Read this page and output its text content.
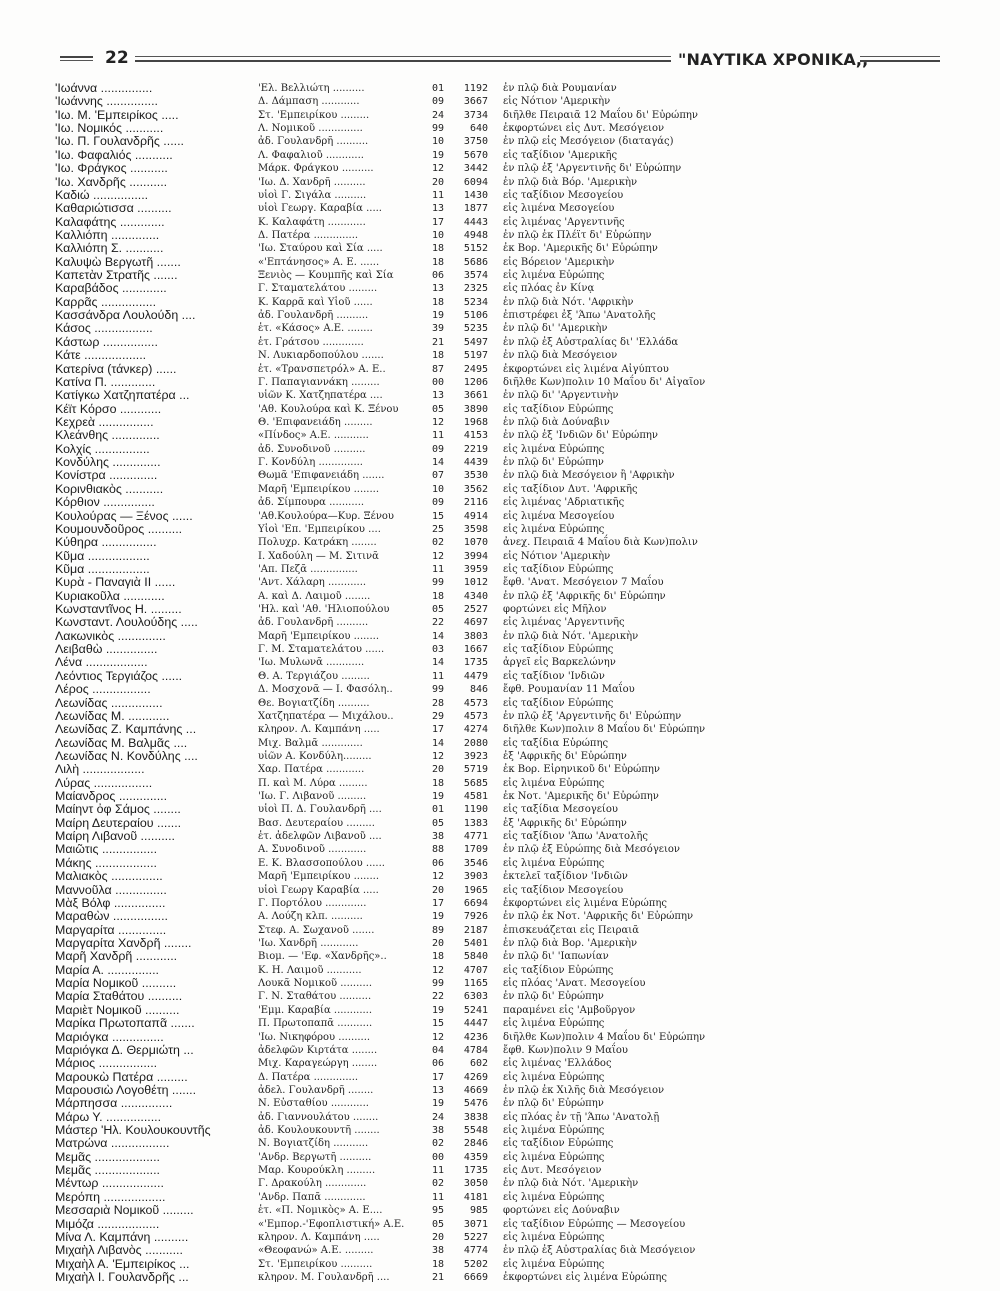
22	"ΝΑΥΤΙΚΑ ΧΡΟΝΙΚΑ,,
'Ιωάννα ...............	'Ελ. Βελλιώτη ..........	01	1192 ἐν πλῷ διὰ Ρουμανίαν
'Ιωάννης ...............	Δ. Δάμπαση ............	09	3667 εἰς Νότιον 'Αμερικὴν
'Ιω. Μ. 'Εμπειρίκος .....	Στ. 'Εμπειρίκου .........	24	3734 διῆλθε Πειραιᾶ 12 Μαΐου δι' Εὐρώπην
'Ιω. Νομικός ...........	Λ. Νομικοῦ ..............	99	640 ἐκφορτώνει εἰς Δυτ. Μεσόγειον
'Ιω. Π. Γουλανδρῆς ......	ἀδ. Γουλανδρῆ ..........	10	3750 ἐν πλῷ εἰς Μεσόγειον (διαταγάς)
'Ιω. Φαφαλιός ...........	Λ. Φαφαλιοῦ ............	19	5670 εἰς ταξίδιον 'Αμερικῆς
'Ιω. Φράγκος ...........	Μάρκ. Φράγκου ..........	12	3442 ἐν πλῷ ἐξ 'Αργεντινῆς δι' Εὐρώπην
'Ιω. Χανδρῆς ...........	'Ιω. Δ. Χανδρῆ ..........	20	6094 ἐν πλῷ διὰ Βόρ. 'Αμερικὴν
Καδιώ ................	υἱοὶ Γ. Σιγάλα ..........	11	1430 εἰς ταξίδιον Μεσογείου
Καθαριώτισσα ..........	υἱοὶ Γεωργ. Καραβία .....	13	1877 εἰς λιμένα Μεσογείου
Καλαφάτης .............	Κ. Καλαφάτη ............	17	4443 εἰς λιμένας 'Αργεντινῆς
Καλλιόπη ..............	Δ. Πατέρα ..............	10	4948 ἐν πλῷ ἐκ Πλέϊτ δι' Εὐρώπην
Καλλιόπη Σ. ...........	'Ιω. Σταύρου καὶ Σία .....	18	5152 ἐκ Βορ. 'Αμερικῆς δι' Εὐρώπην
Καλυψὼ Βεργωτῆ .......	«'Επτάνησος» Α. Ε. ......	18	5686 εἰς Βόρειον 'Αμερικὴν
Καπετὰν Στρατῆς .......	Ξενιὸς — Κουμπῆς καὶ Σία	06	3574 εἰς λιμένα Εὐρώπης
Καραβάδος .............	Γ. Σταματελάτου .........	13	2325 εἰς πλόας ἐν Κίνᾳ
Καρρᾶς ................	Κ. Καρρᾶ καὶ Υἱοῦ ......	18	5234 ἐν πλῷ διὰ Νότ. 'Αφρικὴν
Κασσάνδρα Λουλούδη ....	ἀδ. Γουλανδρῆ ..........	19	5106 ἐπιστρέφει ἐξ 'Άπω 'Ανατολῆς
Κάσος .................	ἑτ. «Κάσος» Α.Ε. ........	39	5235 ἐν πλῷ δι' 'Αμερικὴν
Κάστωρ ................	ἑτ. Γράτσου .............	21	5497 ἐν πλῷ ἐξ Αὐστραλίας δι' 'Ελλάδα
Κάτε ..................	Ν. Λυκιαρδοπούλου .......	18	5197 ἐν πλῷ διὰ Μεσόγειον
Κατερίνα (τάνκερ) ......	ἑτ. «Τρανσπετρόλ» Α. Ε..	87	2495 ἐκφορτώνει εἰς λιμένα Αἰγύπτου
Κατίνα Π. .............	Γ. Παπαγιαννάκη .........	00	1206 διῆλθε Κων)πολιν 10 Μαΐου δι' Αἰγαῖον
Κατίγκω Χατζηπατέρα ...	υἱῶν Κ. Χατζηπατέρα ....	13	3661 ἐν πλῷ δι' 'Αργεντινὴν
Κέϊτ Κόρσο ............	'Αθ. Κουλούρα καὶ Κ. Ξένου	05	3890 εἰς ταξίδιον Εὐρώπης
Κεχρεὰ ................	Θ. 'Επιφανειάδη .........	12	1968 ἐν πλῷ διὰ Δούναβιν
Κλεάνθης ..............	«Πίνδος» Α.Ε. ...........	11	4153 ἐν πλῷ ἐξ 'Ινδιῶν δι' Εὐρώπην
Κολχίς ................	ἀδ. Συνοδινοῦ ..........	09	2219 εἰς λιμένα Εὐρώπης
Κονδύλης ..............	Γ. Κονδύλη ..............	14	4439 ἐν πλῷ δι' Εὐρώπην
Κονίστρα ..............	Θωμᾶ 'Επιφανειάδη .......	07	3530 ἐν πλῷ διὰ Μεσόγειον ἢ 'Αφρικὴν
Κορινθιακὸς ...........	Μαρῆ 'Εμπειρίκου ........	10	3562 εἰς ταξίδιον Δυτ. 'Αφρικῆς
Κόρθιον ...............	ἀδ. Σίμπουρα ...........	09	2116 εἰς λιμένας 'Αδριατικῆς
Κουλούρας — Ξένος ......	'Αθ.Κουλούρα—Κυρ. Ξένου	15	4914 εἰς λιμένα Μεσογείου
Κουμουνδοῦρος ..........	Υἱοὶ 'Επ. 'Εμπειρίκου ....	25	3598 εἰς λιμένα Εὐρώπης
Κύθηρα ................	Πολυχρ. Κατράκη ........	02	1070 ἀνεχ. Πειραιᾶ 4 Μαΐου διὰ Κων)πολιν
Κῦμα ..................	Ι. Χαδούλη — Μ. Σιτινᾶ	12	3994 εἰς Νότιον 'Αμερικὴν
Κῦμα ..................	'Απ. Πεζᾶ ...............	11	3959 εἰς ταξίδιον Εὐρώπης
Κυρὰ - Παναγιὰ ΙΙ ......	'Αντ. Χάλαρη ............	99	1012 ἔφθ. 'Ανατ. Μεσόγειον 7 Μαΐου
Κυριακοῦλα ............	Α. καὶ Δ. Λαιμοῦ ........	18	4340 ἐν πλῷ ἐξ 'Αφρικῆς δι' Εὐρώπην
Κωνσταντῖνος Η. .........	'Ηλ. καὶ 'Αθ. 'Ηλιοπούλου	05	2527 φορτώνει εἰς Μῆλον
Κωνσταντ. Λουλούδης .....	ἀδ. Γουλανδρῆ ..........	22	4697 εἰς λιμένας 'Αργεντινῆς
Λακωνικὸς ..............	Μαρῆ 'Εμπειρίκου ........	14	3803 ἐν πλῷ διὰ Νότ. 'Αμερικὴν
Λειβαθὼ ...............	Γ. Μ. Σταματελάτου ......	03	1667 εἰς ταξίδιον Εὐρώπης
Λένα ..................	'Ιω. Μυλωνᾶ ............	14	1735 ἀργεῖ εἰς Βαρκελώνην
Λεόντιος Τεργιάζος ......	Θ. Α. Τεργιάζου .........	11	4479 εἰς ταξίδιον 'Ινδιῶν
Λέρος .................	Δ. Μοσχονᾶ — Ι. Φασόλη..	99	846 ἔφθ. Ρουμανίαν 11 Μαΐου
Λεωνίδας ...............	Θε. Βογιατζίδη ..........	28	4573 εἰς ταξίδιον Εὐρώπης
Λεωνίδας Μ. ............	Χατζηπατέρα — Μιχάλου..	29	4573 ἐν πλῷ ἐξ 'Αργεντινῆς δι' Εὐρώπην
Λεωνίδας Ζ. Καμπάνης ...	κληρον. Λ. Καμπάνη .....	17	4274 διῆλθε Κων)πολιν 8 Μαΐου δι' Εὐρώπην
Λεωνίδας Μ. Βαλμᾶς ....	Μιχ. Βαλμᾶ .............	14	2080 εἰς ταξίδια Εὐρώπης
Λεωνίδας Ν. Κονδύλης ....	υἱῶν Α. Κονδύλη.........	12	3923 ἐξ 'Αφρικῆς δι' Εὐρώπην
Λιλὴ ..................	Χαρ. Πατέρα ............	20	5719 ἐκ Βορ. Εἰρηνικοῦ δι' Εὐρώπην
Λύρας .................	Π. καὶ Μ. Λύρα .........	18	5685 εἰς λιμένα Εὐρώπης
Μαίανδρος ..............	'Ιω. Γ. Λιβανοῦ .........	19	4581 ἐκ Νοτ. 'Αμερικῆς δι' Εὐρώπην
Μαίηντ ὀφ Σάμος ........	υἱοὶ Π. Δ. Γουλανδρῆ ....	01	1190 εἰς ταξίδια Μεσογείου
Μαίρη Δευτεραίου .......	Βασ. Δευτεραίου .........	05	1383 ἐξ 'Αφρικῆς δι' Εὐρώπην
Μαίρη Λιβανοῦ ..........	ἑτ. ἀδελφῶν Λιβανοῦ ....	38	4771 εἰς ταξίδιον 'Άπω 'Ανατολῆς
Μαιῶτις ................	Α. Συνοδινοῦ ............	88	1709 ἐν πλῷ ἐξ Εὐρώπης διὰ Μεσόγειον
Μάκης ..................	Ε. Κ. Βλασσοπούλου ......	06	3546 εἰς λιμένα Εὐρώπης
Μαλιακὸς ...............	Μαρῆ 'Εμπειρίκου ........	12	3903 ἐκτελεῖ ταξίδιον 'Ινδιῶν
Μαννοῦλα ...............	υἱοὶ Γεωργ Καραβία .....	20	1965 εἰς ταξίδιον Μεσογείου
Μὰξ Βόλφ ...............	Γ. Πορτόλου .............	17	6694 ἐκφορτώνει εἰς λιμένα Εὐρώπης
Μαραθὼν ................	Α. Λούζη κλπ. ..........	19	7926 ἐν πλῷ ἐκ Νοτ. 'Αφρικῆς δι' Εὐρώπην
Μαργαρίτα ..............	Στεφ. Α. Σωχανοῦ .......	89	2187 ἐπισκευάζεται εἰς Πειραιᾶ
Μαργαρίτα Χανδρῆ ........	'Ιω. Χανδρῆ ............	20	5401 ἐν πλῷ διὰ Βορ. 'Αμερικὴν
Μαρῆ Χανδρῆ ............	Βιομ. — 'Εφ. «Χανδρῆς»..	18	5840 ἐν πλῷ δι' 'Ιαπωνίαν
Μαρία Α. ...............	Κ. Η. Λαιμοῦ ...........	12	4707 εἰς ταξίδιον Εὐρώπης
Μαρία Νομικοῦ ..........	Λουκᾶ Νομικοῦ ..........	99	1165 εἰς πλόας 'Ανατ. Μεσογείου
Μαρία Σταθάτου ..........	Γ. Ν. Σταθάτου ..........	22	6303 ἐν πλῷ δι' Εὐρώπην
Μαριὲτ Νομικοῦ ..........	'Εμμ. Καραβία ............	19	5241 παραμένει εἰς 'Αμβοῦργον
Μαρίκα Πρωτοπαπᾶ .......	Π. Πρωτοπαπᾶ ...........	15	4447 εἰς λιμένα Εὐρώπης
Μαριόγκα ...............	'Ιω. Νικηφόρου ..........	12	4236 διῆλθε Κων)πολιν 4 Μαΐου δι' Εὐρώπην
Μαριόγκα Δ. Θερμιώτη ...	ἀδελφῶν Κιρτάτα ........	04	4784 ἔφθ. Κων)πολιν 9 Μαΐου
Μάριος .................	Μιχ. Καραγεώργη ........	06	602 εἰς λιμένας 'Ελλάδος
Μαρουκὼ Πατέρα .........	Δ. Πατέρα ..............	17	4269 εἰς λιμένα Εὐρώπης
Μαρουσιὼ Λογοθέτη .......	ἀδελ. Γουλανδρῆ ........	13	4669 ἐν πλῷ ἐκ Χιλῆς διὰ Μεσόγειον
Μάρπησσα ...............	Ν. Εὐσταθίου ............	19	5476 ἐν πλῷ δι' Εὐρώπην
Μάρω Υ. ................	ἀδ. Γιαννουλάτου ........	24	3838 εἰς πλόας ἐν τῇ 'Άπω 'Ανατολῇ
Μάστερ 'Ηλ. Κουλουκουντῆς	ἀδ. Κουλουκουντῆ ........	38	5548 εἰς λιμένα Εὐρώπης
Ματρώνα .................	Ν. Βογιατζίδη ...........	02	2846 εἰς ταξίδιον Εὐρώπης
Μεμᾶς ...................	'Ανδρ. Βεργωτῆ ..........	00	4359 εἰς λιμένα Εὐρώπης
Μεμᾶς ...................	Μαρ. Κουρούκλη .........	11	1735 εἰς Δυτ. Μεσόγειον
Μέντωρ ..................	Γ. Δρακούλη .............	02	3050 ἐν πλῷ διὰ Νότ. 'Αμερικὴν
Μερόπη ..................	'Ανδρ. Παπᾶ .............	11	4181 εἰς λιμένα Εὐρώπης
Μεσσαριὰ Νομικοῦ .........	ἑτ. «Π. Νομικὸς» Α. Ε....	95	985 φορτώνει εἰς Δούναβιν
Μιμόζα ..................	«'Εμπορ.-'Εφοπλιστική» Α.Ε.	05	3071 εἰς ταξίδιον Εὐρώπης — Μεσογείου
Μίνα Λ. Καμπάνη ..........	κληρον. Λ. Καμπάνη .....	20	5227 εἰς λιμένα Εὐρώπης
Μιχαὴλ Λιβανὸς ...........	«Θεοφανώ» Α.Ε. .........	38	4774 ἐν πλῷ ἐξ Αὐστραλίας διὰ Μεσόγειον
Μιχαὴλ Α. 'Εμπειρίκος ...	Στ. 'Εμπειρίκου ..........	18	5202 εἰς λιμένα Εὐρώπης
Μιχαὴλ Ι. Γουλανδρῆς ...	κληρον. Μ. Γουλανδρῆ ....	21	6669 ἐκφορτώνει εἰς λιμένα Εὐρώπης
